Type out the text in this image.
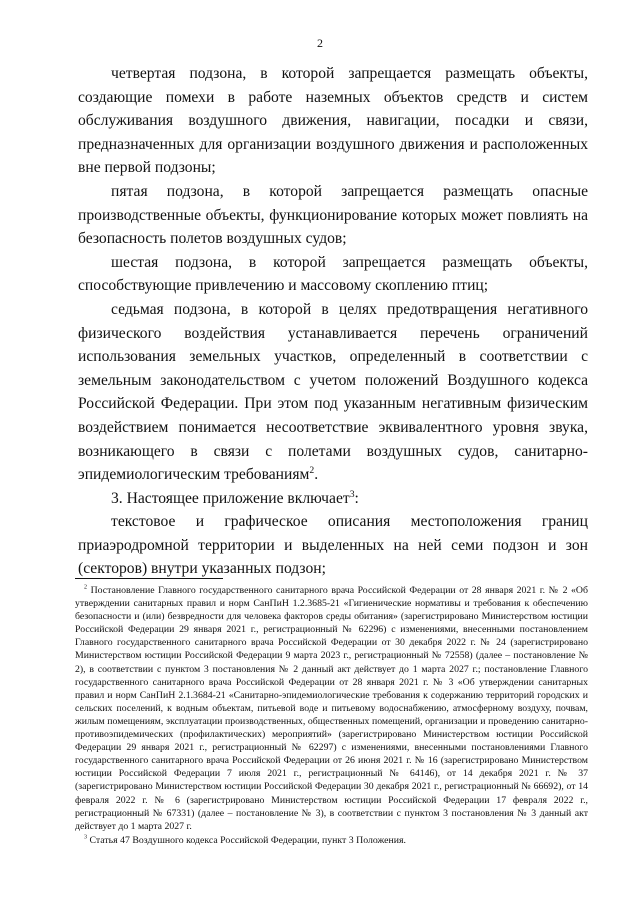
2

четвертая подзона, в которой запрещается размещать объекты, создающие помехи в работе наземных объектов средств и систем обслуживания воздушного движения, навигации, посадки и связи, предназначенных для организации воздушного движения и расположенных вне первой подзоны;

пятая подзона, в которой запрещается размещать опасные производственные объекты, функционирование которых может повлиять на безопасность полетов воздушных судов;

шестая подзона, в которой запрещается размещать объекты, способствующие привлечению и массовому скоплению птиц;

седьмая подзона, в которой в целях предотвращения негативного физического воздействия устанавливается перечень ограничений использования земельных участков, определенный в соответствии с земельным законодательством с учетом положений Воздушного кодекса Российской Федерации. При этом под указанным негативным физическим воздействием понимается несоответствие эквивалентного уровня звука, возникающего в связи с полетами воздушных судов, санитарно-эпидемиологическим требованиям$^2$.

3. Настоящее приложение включает$^3$:

текстовое и графическое описания местоположения границ приаэродромной территории и выделенных на ней семи подзон и зон (секторов) внутри указанных подзон;

$^2$ Постановление Главного государственного санитарного врача Российской Федерации от 28 января 2021 г. № 2 «Об утверждении санитарных правил и норм СанПиН 1.2.3685-21 «Гигиенические нормативы и требования к обеспечению безопасности и (или) безвредности для человека факторов среды обитания» (зарегистрировано Министерством юстиции Российской Федерации 29 января 2021 г., регистрационный № 62296) с изменениями, внесенными постановлением Главного государственного санитарного врача Российской Федерации от 30 декабря 2022 г. № 24 (зарегистрировано Министерством юстиции Российской Федерации 9 марта 2023 г., регистрационный № 72558) (далее – постановление № 2), в соответствии с пунктом 3 постановления № 2 данный акт действует до 1 марта 2027 г.; постановление Главного государственного санитарного врача Российской Федерации от 28 января 2021 г. № 3 «Об утверждении санитарных правил и норм СанПиН 2.1.3684-21 «Санитарно-эпидемиологические требования к содержанию территорий городских и сельских поселений, к водным объектам, питьевой воде и питьевому водоснабжению, атмосферному воздуху, почвам, жилым помещениям, эксплуатации производственных, общественных помещений, организации и проведению санитарно-противоэпидемических (профилактических) мероприятий» (зарегистрировано Министерством юстиции Российской Федерации 29 января 2021 г., регистрационный № 62297) с изменениями, внесенными постановлениями Главного государственного санитарного врача Российской Федерации от 26 июня 2021 г. № 16 (зарегистрировано Министерством юстиции Российской Федерации 7 июля 2021 г., регистрационный № 64146), от 14 декабря 2021 г. № 37 (зарегистрировано Министерством юстиции Российской Федерации 30 декабря 2021 г., регистрационный № 66692), от 14 февраля 2022 г. № 6 (зарегистрировано Министерством юстиции Российской Федерации 17 февраля 2022 г., регистрационный № 67331) (далее – постановление № 3), в соответствии с пунктом 3 постановления № 3 данный акт действует до 1 марта 2027 г.

$^3$ Статья 47 Воздушного кодекса Российской Федерации, пункт 3 Положения.
